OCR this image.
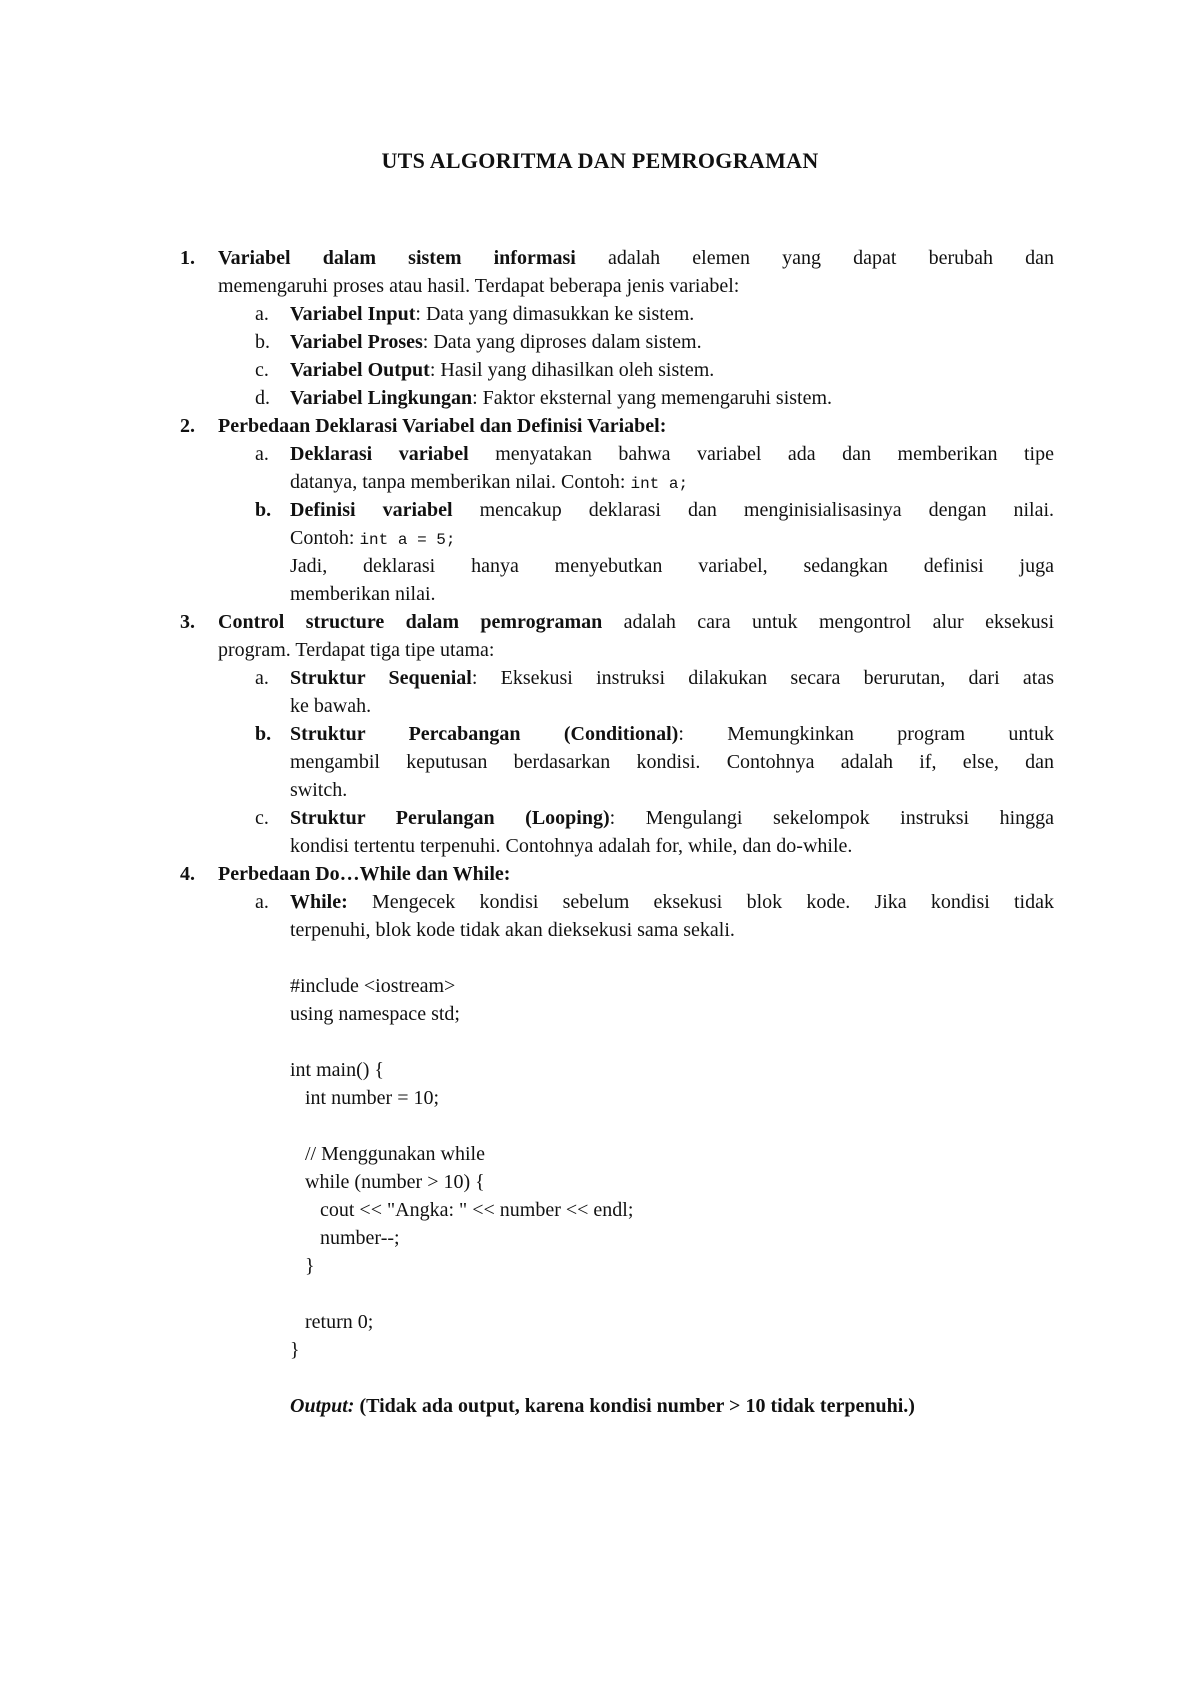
UTS ALGORITMA DAN PEMROGRAMAN
1.	Variabel dalam sistem informasi adalah elemen yang dapat berubah dan
memengaruhi proses atau hasil. Terdapat beberapa jenis variabel:
a.	Variabel Input: Data yang dimasukkan ke sistem.
b.	Variabel Proses: Data yang diproses dalam sistem.
c.	Variabel Output: Hasil yang dihasilkan oleh sistem.
d.	Variabel Lingkungan: Faktor eksternal yang memengaruhi sistem.
2.	Perbedaan Deklarasi Variabel dan Definisi Variabel:
a.	Deklarasi variabel menyatakan bahwa variabel ada dan memberikan tipe
datanya, tanpa memberikan nilai. Contoh: int a;
b. Definisi variabel mencakup deklarasi dan menginisialisasinya dengan nilai.
Contoh: int a = 5;
Jadi, deklarasi hanya menyebutkan variabel, sedangkan definisi juga
memberikan nilai.
3.	Control structure dalam pemrograman adalah cara untuk mengontrol alur eksekusi
program. Terdapat tiga tipe utama:
a.	Struktur Sequenial: Eksekusi instruksi dilakukan secara berurutan, dari atas
ke bawah.
b. Struktur Percabangan (Conditional): Memungkinkan program untuk
mengambil keputusan berdasarkan kondisi. Contohnya adalah if, else, dan
switch.
c.	Struktur Perulangan (Looping): Mengulangi sekelompok instruksi hingga
kondisi tertentu terpenuhi. Contohnya adalah for, while, dan do-while.
4.	Perbedaan Do…While dan While:
a.	While: Mengecek kondisi sebelum eksekusi blok kode. Jika kondisi tidak
terpenuhi, blok kode tidak akan dieksekusi sama sekali.
#include <iostream>
using namespace std;
int main() {
int number = 10;
// Menggunakan while
while (number > 10) {
cout << "Angka: " << number << endl;
number--;
}
return 0;
}
Output: (Tidak ada output, karena kondisi number > 10 tidak terpenuhi.)
